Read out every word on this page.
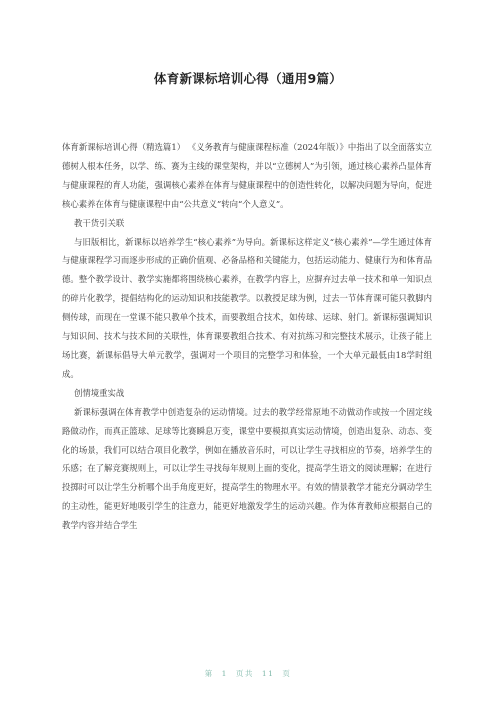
体育新课标培训心得（通用9篇）

体育新课标培训心得（精选篇1） 《义务教育与健康课程标准（2024年版）》中指出了以全面落实立德树人根本任务，以学、练、赛为主线的课堂架构，并以“立德树人”为引领，通过核心素养凸显体育与健康课程的育人功能，强调核心素养在体育与健康课程中的创造性转化，以解决问题为导向，促进核心素养在体育与健康课程中由“公共意义”转向“个人意义”。

教干货引关联

与旧版相比，新课标以培养学生“核心素养”为导向。新课标这样定义“核心素养”—学生通过体育与健康课程学习而逐步形成的正确价值观、必备品格和关键能力，包括运动能力、健康行为和体育品德。整个教学设计、教学实施都将围绕核心素养，在教学内容上，应摒弃过去单一技术和单一知识点的碎片化教学，提倡结构化的运动知识和技能教学。以教授足球为例，过去一节体育课可能只教脚内侧传球，而现在一堂课不能只教单个技术，而要教组合技术，如传球、运球、射门。新课标强调知识与知识间、技术与技术间的关联性，体育课要教组合技术、有对抗练习和完整技术展示，让孩子能上场比赛，新课标倡导大单元教学，强调对一个项目的完整学习和体验，一个大单元最低由18学时组成。

创情境重实战

新课标强调在体育教学中创造复杂的运动情境。过去的教学经常原地不动做动作或按一个固定线路做动作，而真正篮球、足球等比赛瞬息万变，课堂中要模拟真实运动情境，创造出复杂、动态、变化的场景，我们可以结合项目化教学，例如在播放音乐时，可以让学生寻找相应的节奏，培养学生的乐感；在了解竞赛规则上，可以让学生寻找每年规则上面的变化，提高学生语文的阅读理解；在进行投掷时可以让学生分析哪个出手角度更好，提高学生的物理水平。有效的情景教学才能充分调动学生的主动性，能更好地吸引学生的注意力，能更好地激发学生的运动兴趣。作为体育教师应根据自己的教学内容并结合学生

第 1 页共 11 页
